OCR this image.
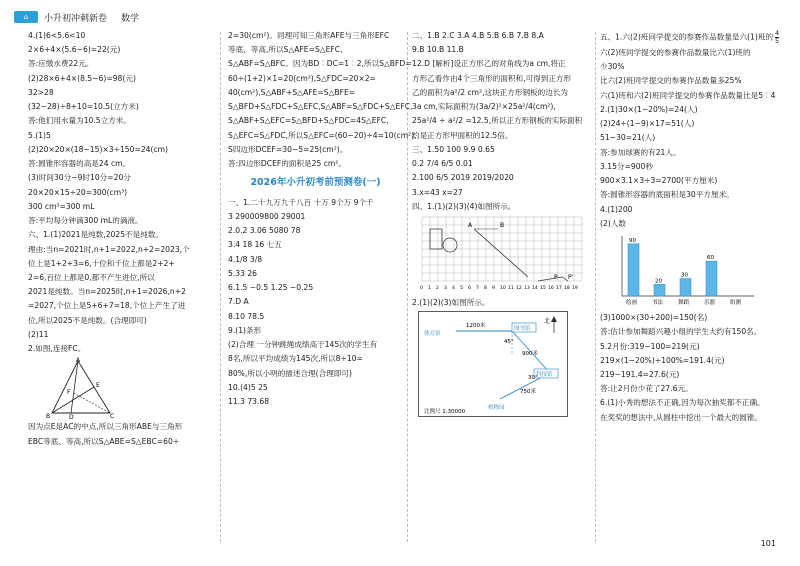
⌂	小升初冲刺新卷 数学

4.(1)6<5.6<10

2×6+4×(5.6−6)=22(元)

答:应缴水费22元。

(2)28×6+4×(8.5−6)=98(元)

32>28

(32−28)÷8+10=10.5(立方米)

答:他们用水量为10.5立方米。

5.(1)5

(2)20×20×(18−15)×3÷150=24(cm)

答:圆锥形容器的高是24 cm。

(3)时间30分−9时10分=20分

20×20×15÷20=300(cm³)

300 cm³=300 mL

答:平均每分钟滴300 mL的滴液。

六、1.(1)2021是纯数,2025不是纯数。

理由:当n=2021时,n+1=2022,n+2=2023,个

位上是1+2+3=6,十位和千位上都是2+2+

2=6,百位上都是0,都不产生进位,所以

2021是纯数。当n=2025时,n+1=2026,n+2

=2027,个位上是5+6+7=18,个位上产生了进

位,所以2025不是纯数。(合理即可)

(2)11

2.如图,连接FC。

A
B	C
D
E
F

因为点E是AC的中点,所以三角形ABE与三角形

EBC等底、等高,所以S△ABE=S△EBC=60÷

2=30(cm²)。同理可知三角形AFE与三角形EFC

等底、等高,所以S△AFE=S△EFC,

S△ABF=S△BFC。因为BD︰DC=1︰2,所以S△BFD=

60÷(1+2)×1=20(cm²),S△FDC=20×2=

40(cm²),S△ABF+S△AFE=S△BFE=

S△BFD+S△FDC+S△EFC,S△ABF=S△FDC+S△EFC,

S△ABF+S△EFC=S△BFD+S△FDC=4S△EFC,

S△EFC=S△FDC,所以S△EFC=(60−20)÷4=10(cm²),

S四边形DCEF=30−5=25(cm²)。

答:四边形DCEF的面积是25 cm²。

2026年小升初考前预测卷(一)

一、1.二十九万九千八百 十万 9个万 9个千

3 290009800 29001

2.0.2 3.06 5080 78

3.4 18 16 七五

4.1/8 3/8

5.33 26

6.1.5 −0.5 1.25 −0.25

7.D A

8.10 78.5

9.(1)条形

(2)合理 一分钟跳绳成绩高于145次的学生有

8名,所以平均成绩为145次,所以8÷10=

80%,所以小明的描述合理(合理即可)

10.(4)5 25

11.3 73.68

二、1.B 2.C 3.A 4.B 5.B 6.B 7.B 8.A

9.B 10.B 11.B

12.D [解析]设正方形乙的对角线为a cm,将正

方形乙看作由4个三角形的面积和,可得到正方形

乙的面积为a²/2 cm²,这块正方形钢板的边长为

3a cm,实际面积为(3a/2)²×25a²/4(cm²),

25a²/4 ÷ a²/2 =12.5,所以正方形钢板的实际面积

约是正方形甲面积的12.5倍。

三、1.50 100 9.9 0.65

0.2 7/4 6/5 0.01

2.100 6/5 2019 2019/2020

3.x=43 x=27

四、1.(1)(2)(3)(4)如图所示。

A	B
P P'
0 1 2 3 4 5 6 7 8 9 10 11 12 13 14 15 16 17 18 19

2.(1)(2)(3)如图所示。

北
图书馆
体育馆
科技馆
植物园
1200米
900米
750米
45°
30°
比例尺 1:30000

五、1.六(2)班同学提交的参赛作品数量是六(1)班的 $\frac{4}{5}$

六(2)班同学提交的参赛作品数量比六(1)班的

少30%

比六(2)班同学提交的参赛作品数量多25%

六(1)班和六(2)班同学提交的参赛作品数量比是5︰4

2.(1)30×(1−20%)=24(人)

(2)24÷(1−9)×17=51(人)

51−30=21(人)

答:参加球赛的有21人。

3.15分=900秒

900×3.1×3÷3=2700(平方厘米)

答:圆锥形容器的底面积是30平方厘米。

4.(1)200

(2)人数

90
绘画
20
书法
30
舞蹈
60
乐器	组测

(3)1000×(30÷200)=150(名)

答:估计参加舞蹈兴趣小组的学生大约有150名。

5.2月份:319−100=219(元)

219×(1−20%)÷100%=191.4(元)

219−191.4=27.6(元)

答:让2月份少花了27.6元。

6.(1)小秀的想法不正确,因为每次抽奖都不正确。

在奖奖的想法中,从圆柱中挖出一个最大的圆锥。

101
